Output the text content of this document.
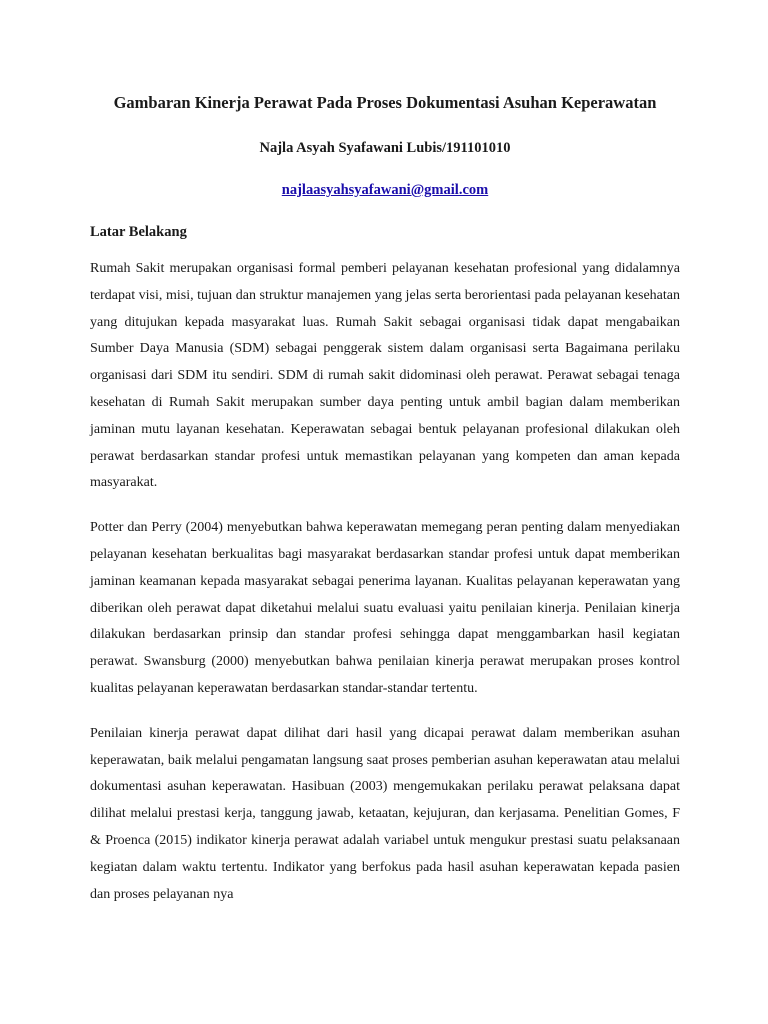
Gambaran Kinerja Perawat Pada Proses Dokumentasi Asuhan Keperawatan

Najla Asyah Syafawani Lubis/191101010

najlaasyahsyafawani@gmail.com

Latar Belakang

Rumah Sakit merupakan organisasi formal pemberi pelayanan kesehatan profesional yang didalamnya terdapat visi, misi, tujuan dan struktur manajemen yang jelas serta berorientasi pada pelayanan kesehatan yang ditujukan kepada masyarakat luas. Rumah Sakit sebagai organisasi tidak dapat mengabaikan Sumber Daya Manusia (SDM) sebagai penggerak sistem dalam organisasi serta Bagaimana perilaku organisasi dari SDM itu sendiri. SDM di rumah sakit didominasi oleh perawat. Perawat sebagai tenaga kesehatan di Rumah Sakit merupakan sumber daya penting untuk ambil bagian dalam memberikan jaminan mutu layanan kesehatan. Keperawatan sebagai bentuk pelayanan profesional dilakukan oleh perawat berdasarkan standar profesi untuk memastikan pelayanan yang kompeten dan aman kepada masyarakat.

Potter dan Perry (2004) menyebutkan bahwa keperawatan memegang peran penting dalam menyediakan pelayanan kesehatan berkualitas bagi masyarakat berdasarkan standar profesi untuk dapat memberikan jaminan keamanan kepada masyarakat sebagai penerima layanan. Kualitas pelayanan keperawatan yang diberikan oleh perawat dapat diketahui melalui suatu evaluasi yaitu penilaian kinerja. Penilaian kinerja dilakukan berdasarkan prinsip dan standar profesi sehingga dapat menggambarkan hasil kegiatan perawat. Swansburg (2000) menyebutkan bahwa penilaian kinerja perawat merupakan proses kontrol kualitas pelayanan keperawatan berdasarkan standar-standar tertentu.

Penilaian kinerja perawat dapat dilihat dari hasil yang dicapai perawat dalam memberikan asuhan keperawatan, baik melalui pengamatan langsung saat proses pemberian asuhan keperawatan atau melalui dokumentasi asuhan keperawatan. Hasibuan (2003) mengemukakan perilaku perawat pelaksana dapat dilihat melalui prestasi kerja, tanggung jawab, ketaatan, kejujuran, dan kerjasama. Penelitian Gomes, F & Proenca (2015) indikator kinerja perawat adalah variabel untuk mengukur prestasi suatu pelaksanaan kegiatan dalam waktu tertentu. Indikator yang berfokus pada hasil asuhan keperawatan kepada pasien dan proses pelayanan nya
